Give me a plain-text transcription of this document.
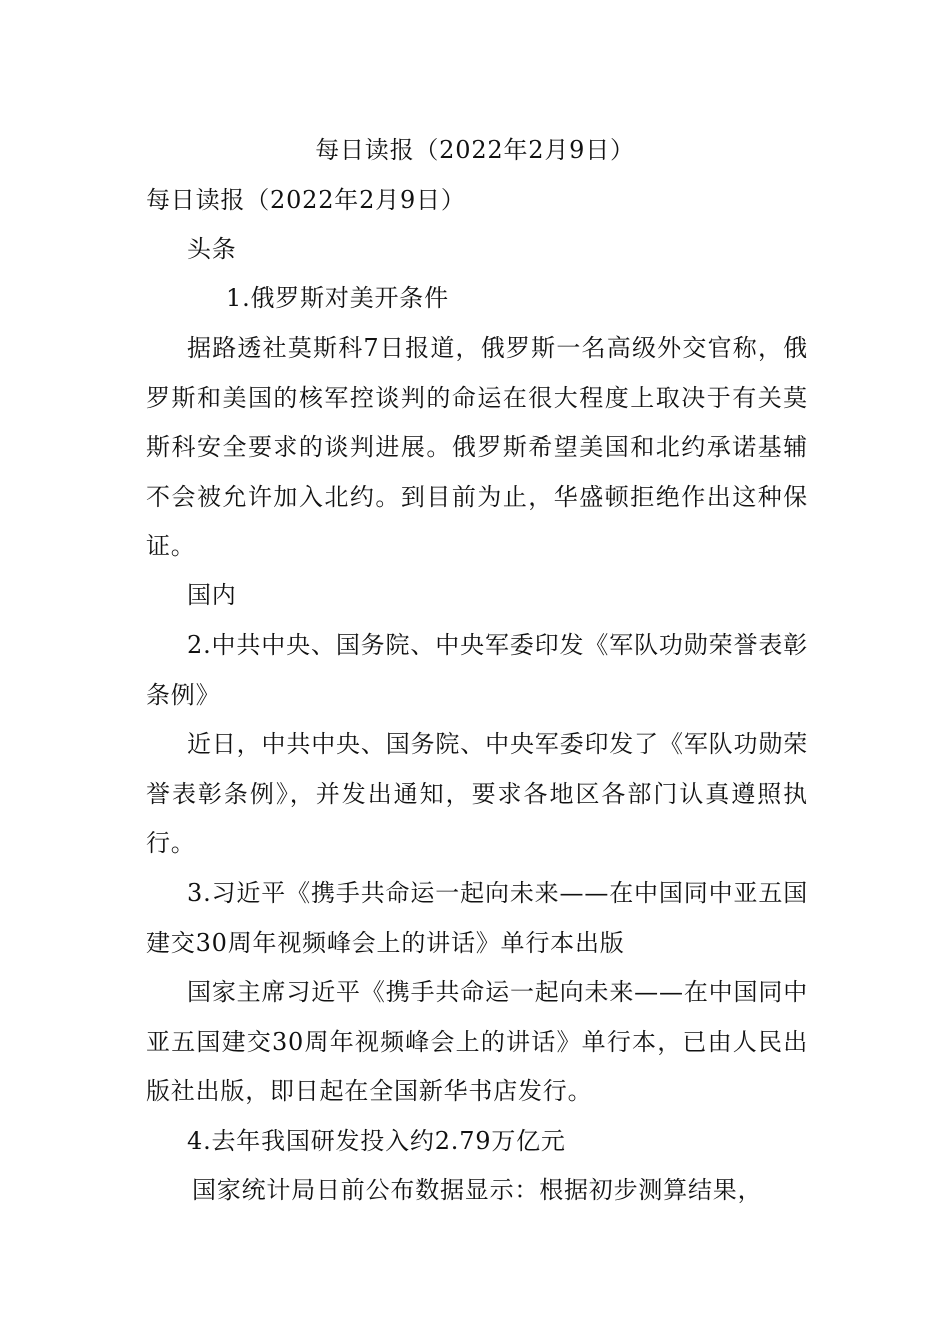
每日读报（2022年2月9日）

每日读报（2022年2月9日）

头条

1.俄罗斯对美开条件

据路透社莫斯科7日报道，俄罗斯一名高级外交官称，俄罗斯和美国的核军控谈判的命运在很大程度上取决于有关莫斯科安全要求的谈判进展。俄罗斯希望美国和北约承诺基辅不会被允许加入北约。到目前为止，华盛顿拒绝作出这种保证。

国内

2.中共中央、国务院、中央军委印发《军队功勋荣誉表彰条例》

近日，中共中央、国务院、中央军委印发了《军队功勋荣誉表彰条例》，并发出通知，要求各地区各部门认真遵照执行。

3.习近平《携手共命运一起向未来——在中国同中亚五国建交30周年视频峰会上的讲话》单行本出版

国家主席习近平《携手共命运一起向未来——在中国同中亚五国建交30周年视频峰会上的讲话》单行本，已由人民出版社出版，即日起在全国新华书店发行。

4.去年我国研发投入约2.79万亿元

国家统计局日前公布数据显示：根据初步测算结果，
